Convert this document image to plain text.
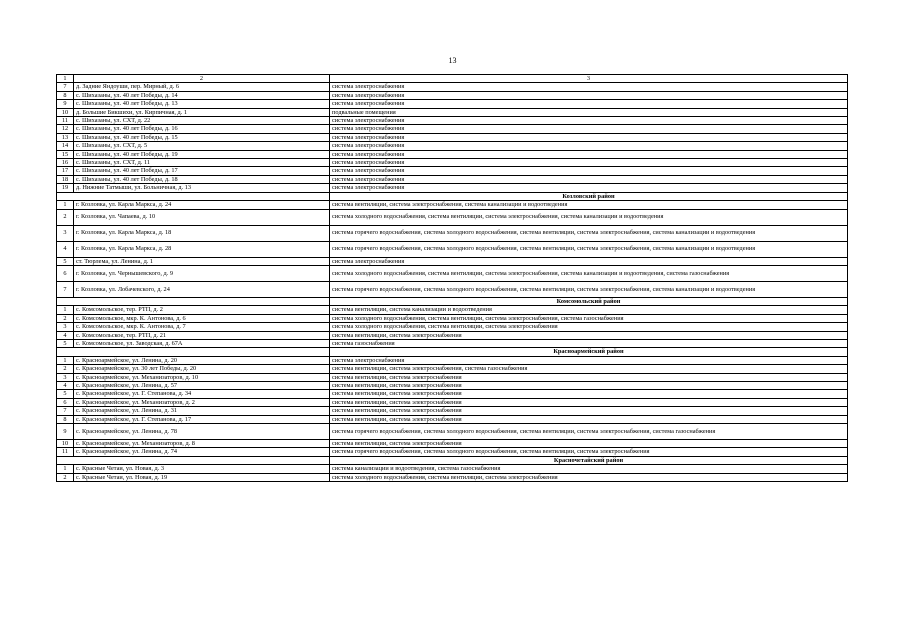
13
1	2	3
7	д. Задние Яндоуши, пер. Мирный, д. 6	система электроснабжения
8	с. Шихазаны, ул. 40 лет Победы, д. 14	система электроснабжения
9	с. Шихазаны, ул. 40 лет Победы, д. 13	система электроснабжения
10	д. Большие Бикшихи, ул. Кирпичная, д. 1	подвальные помещения
11	с. Шихазаны, ул. СХТ, д. 22	система электроснабжения
12	с. Шихазаны, ул. 40 лет Победы, д. 16	система электроснабжения
13	с. Шихазаны, ул. 40 лет Победы, д. 15	система электроснабжения
14	с. Шихазаны, ул. СХТ, д. 5	система электроснабжения
15	с. Шихазаны, ул. 40 лет Победы, д. 19	система электроснабжения
16	с. Шихазаны, ул. СХТ, д. 11	система электроснабжения
17	с. Шихазаны, ул. 40 лет Победы, д. 17	система электроснабжения
18	с. Шихазаны, ул. 40 лет Победы, д. 18	система электроснабжения
19	д. Нижние Татмыши, ул. Больничная, д. 13	система электроснабжения
		Козловский район
1	г. Козловка, ул. Карла Маркса, д. 24	система вентиляции, система электроснабжения, система канализации и водоотведения
2	г. Козловка, ул. Чапаева, д. 10	система холодного водоснабжения, система вентиляции, система электроснабжения, система канализации и водоотведения
3	г. Козловка, ул. Карла Маркса, д. 18	система горячего водоснабжения, система холодного водоснабжения, система вентиляции, система электроснабжения, система канализации и водоотведения
4	г. Козловка, ул. Карла Маркса, д. 28	система горячего водоснабжения, система холодного водоснабжения, система вентиляции, система электроснабжения, система канализации и водоотведения
5	ст. Тюрлема, ул. Ленина, д. 1	система электроснабжения
6	г. Козловка, ул. Чернышевского, д. 9	система холодного водоснабжения, система вентиляции, система электроснабжения, система канализации и водоотведения, система газоснабжения
7	г. Козловка, ул. Лобачевского, д. 24	система горячего водоснабжения, система холодного водоснабжения, система вентиляции, система электроснабжения, система канализации и водоотведения
		Комсомольский район
1	с. Комсомольское, тер. РТП, д. 2	система вентиляции, система канализации и водоотведения
2	с. Комсомольское, мкр. К. Антонова, д. 6	система холодного водоснабжения, система вентиляции, система электроснабжения, система газоснабжения
3	с. Комсомольское, мкр. К. Антонова, д. 7	система холодного водоснабжения, система вентиляции, система электроснабжения
4	с. Комсомольское, тер. РТП, д. 21	система вентиляции, система электроснабжения
5	с. Комсомольское, ул. Заводская, д. 67А	система газоснабжения
		Красноармейский район
1	с. Красноармейское, ул. Ленина, д. 20	система электроснабжения
2	с. Красноармейское, ул. 30 лет Победы, д. 20	система вентиляции, система электроснабжения, система газоснабжения
3	с. Красноармейское, ул. Механизаторов, д. 10	система вентиляции, система электроснабжения
4	с. Красноармейское, ул. Ленина, д. 57	система вентиляции, система электроснабжения
5	с. Красноармейское, ул. Г. Степанова, д. 34	система вентиляции, система электроснабжения
6	с. Красноармейское, ул. Механизаторов, д. 2	система вентиляции, система электроснабжения
7	с. Красноармейское, ул. Ленина, д. 31	система вентиляции, система электроснабжения
8	с. Красноармейское, ул. Г. Степанова, д. 17	система вентиляции, система электроснабжения
9	с. Красноармейское, ул. Ленина, д. 78	система горячего водоснабжения, система холодного водоснабжения, система вентиляции, система электроснабжения, система газоснабжения
10	с. Красноармейское, ул. Механизаторов, д. 8	система вентиляции, система электроснабжения
11	с. Красноармейское, ул. Ленина, д. 74	система горячего водоснабжения, система холодного водоснабжения, система вентиляции, система электроснабжения
		Красночетайский район
1	с. Красные Четаи, ул. Новая, д. 3	система канализации и водоотведения, система газоснабжения
2	с. Красные Четаи, ул. Новая, д. 19	система холодного водоснабжения, система вентиляции, система электроснабжения
